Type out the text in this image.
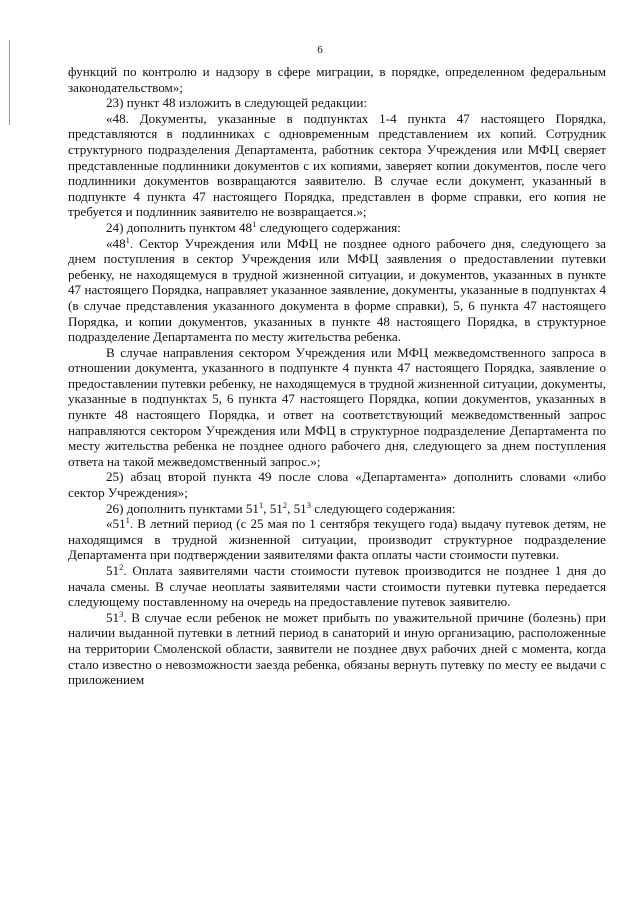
6

функций по контролю и надзору в сфере миграции, в порядке, определенном федеральным законодательством»;

23) пункт 48 изложить в следующей редакции:

«48. Документы, указанные в подпунктах 1-4 пункта 47 настоящего Порядка, представляются в подлинниках с одновременным представлением их копий. Сотрудник структурного подразделения Департамента, работник сектора Учреждения или МФЦ сверяет представленные подлинники документов с их копиями, заверяет копии документов, после чего подлинники документов возвращаются заявителю. В случае если документ, указанный в подпункте 4 пункта 47 настоящего Порядка, представлен в форме справки, его копия не требуется и подлинник заявителю не возвращается.»;

24) дополнить пунктом $48^1$ следующего содержания:

«$48^1$. Сектор Учреждения или МФЦ не позднее одного рабочего дня, следующего за днем поступления в сектор Учреждения или МФЦ заявления о предоставлении путевки ребенку, не находящемуся в трудной жизненной ситуации, и документов, указанных в пункте 47 настоящего Порядка, направляет указанное заявление, документы, указанные в подпунктах 4 (в случае представления указанного документа в форме справки), 5, 6 пункта 47 настоящего Порядка, и копии документов, указанных в пункте 48 настоящего Порядка, в структурное подразделение Департамента по месту жительства ребенка.

В случае направления сектором Учреждения или МФЦ межведомственного запроса в отношении документа, указанного в подпункте 4 пункта 47 настоящего Порядка, заявление о предоставлении путевки ребенку, не находящемуся в трудной жизненной ситуации, документы, указанные в подпунктах 5, 6 пункта 47 настоящего Порядка, копии документов, указанных в пункте 48 настоящего Порядка, и ответ на соответствующий межведомственный запрос направляются сектором Учреждения или МФЦ в структурное подразделение Департамента по месту жительства ребенка не позднее одного рабочего дня, следующего за днем поступления ответа на такой межведомственный запрос.»;

25) абзац второй пункта 49 после слова «Департамента» дополнить словами «либо сектор Учреждения»;

26) дополнить пунктами $51^1$, $51^2$, $51^3$ следующего содержания:

«$51^1$. В летний период (с 25 мая по 1 сентября текущего года) выдачу путевок детям, не находящимся в трудной жизненной ситуации, производит структурное подразделение Департамента при подтверждении заявителями факта оплаты части стоимости путевки.

$51^2$. Оплата заявителями части стоимости путевок производится не позднее 1 дня до начала смены. В случае неоплаты заявителями части стоимости путевки путевка передается следующему поставленному на очередь на предоставление путевок заявителю.

$51^3$. В случае если ребенок не может прибыть по уважительной причине (болезнь) при наличии выданной путевки в летний период в санаторий и иную организацию, расположенные на территории Смоленской области, заявители не позднее двух рабочих дней с момента, когда стало известно о невозможности заезда ребенка, обязаны вернуть путевку по месту ее выдачи с приложением
